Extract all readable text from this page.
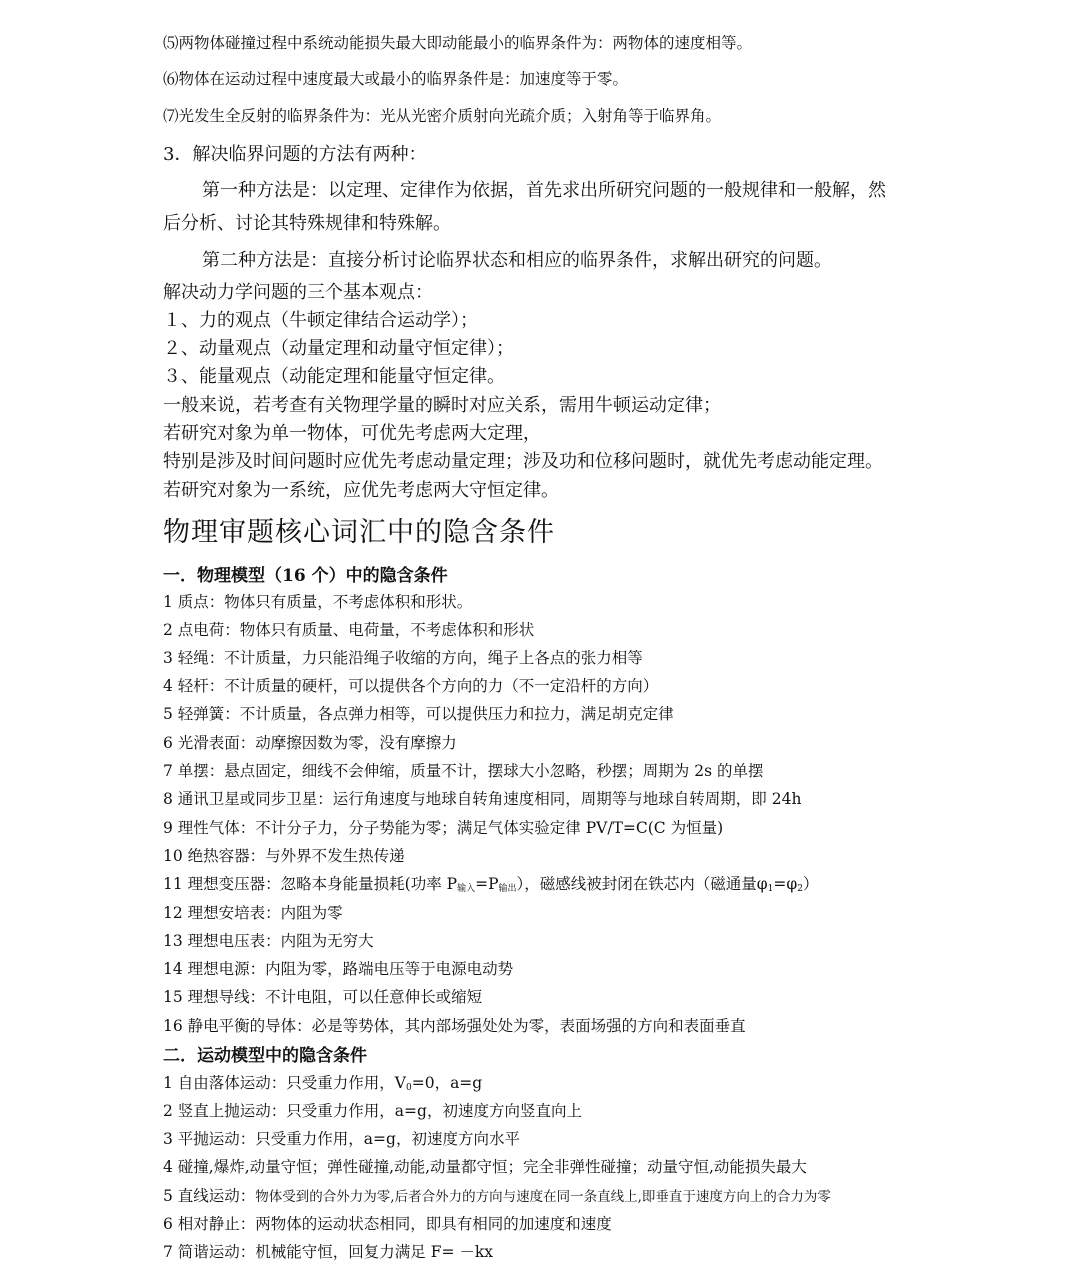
⑸两物体碰撞过程中系统动能损失最大即动能最小的临界条件为：两物体的速度相等。
⑹物体在运动过程中速度最大或最小的临界条件是：加速度等于零。
⑺光发生全反射的临界条件为：光从光密介质射向光疏介质；入射角等于临界角。
3．解决临界问题的方法有两种：
第一种方法是：以定理、定律作为依据，首先求出所研究问题的一般规律和一般解，然
后分析、讨论其特殊规律和特殊解。
第二种方法是：直接分析讨论临界状态和相应的临界条件，求解出研究的问题。
解决动力学问题的三个基本观点：
１、力的观点（牛顿定律结合运动学）；
２、动量观点（动量定理和动量守恒定律）；
３、能量观点（动能定理和能量守恒定律。
一般来说，若考查有关物理学量的瞬时对应关系，需用牛顿运动定律；
若研究对象为单一物体，可优先考虑两大定理，
特别是涉及时间问题时应优先考虑动量定理；涉及功和位移问题时，就优先考虑动能定理。
若研究对象为一系统，应优先考虑两大守恒定律。
物理审题核心词汇中的隐含条件
一．物理模型（16 个）中的隐含条件
1 质点：物体只有质量，不考虑体积和形状。
2 点电荷：物体只有质量、电荷量，不考虑体积和形状
3 轻绳：不计质量，力只能沿绳子收缩的方向，绳子上各点的张力相等
4 轻杆：不计质量的硬杆，可以提供各个方向的力（不一定沿杆的方向）
5 轻弹簧：不计质量，各点弹力相等，可以提供压力和拉力，满足胡克定律
6 光滑表面：动摩擦因数为零，没有摩擦力
7 单摆：悬点固定，细线不会伸缩，质量不计，摆球大小忽略，秒摆；周期为 2s 的单摆
8 通讯卫星或同步卫星：运行角速度与地球自转角速度相同，周期等与地球自转周期，即 24h
9 理性气体：不计分子力，分子势能为零；满足气体实验定律 PV/T=C(C 为恒量)
10 绝热容器：与外界不发生热传递
11 理想变压器：忽略本身能量损耗(功率 $P_{输入}=P_{输出}$），磁感线被封闭在铁芯内（磁通量$\varphi_1=\varphi_2$）
12 理想安培表：内阻为零
13 理想电压表：内阻为无穷大
14 理想电源：内阻为零，路端电压等于电源电动势
15 理想导线：不计电阻，可以任意伸长或缩短
16 静电平衡的导体：必是等势体，其内部场强处处为零，表面场强的方向和表面垂直
二．运动模型中的隐含条件
1 自由落体运动：只受重力作用，$V_0=0$，a=g
2 竖直上抛运动：只受重力作用，a=g，初速度方向竖直向上
3 平抛运动：只受重力作用，a=g，初速度方向水平
4 碰撞,爆炸,动量守恒；弹性碰撞,动能,动量都守恒；完全非弹性碰撞；动量守恒,动能损失最大
5 直线运动：物体受到的合外力为零,后者合外力的方向与速度在同一条直线上,即垂直于速度方向上的合力为零
6 相对静止：两物体的运动状态相同，即具有相同的加速度和速度
7 简谐运动：机械能守恒，回复力满足 F= －kx
